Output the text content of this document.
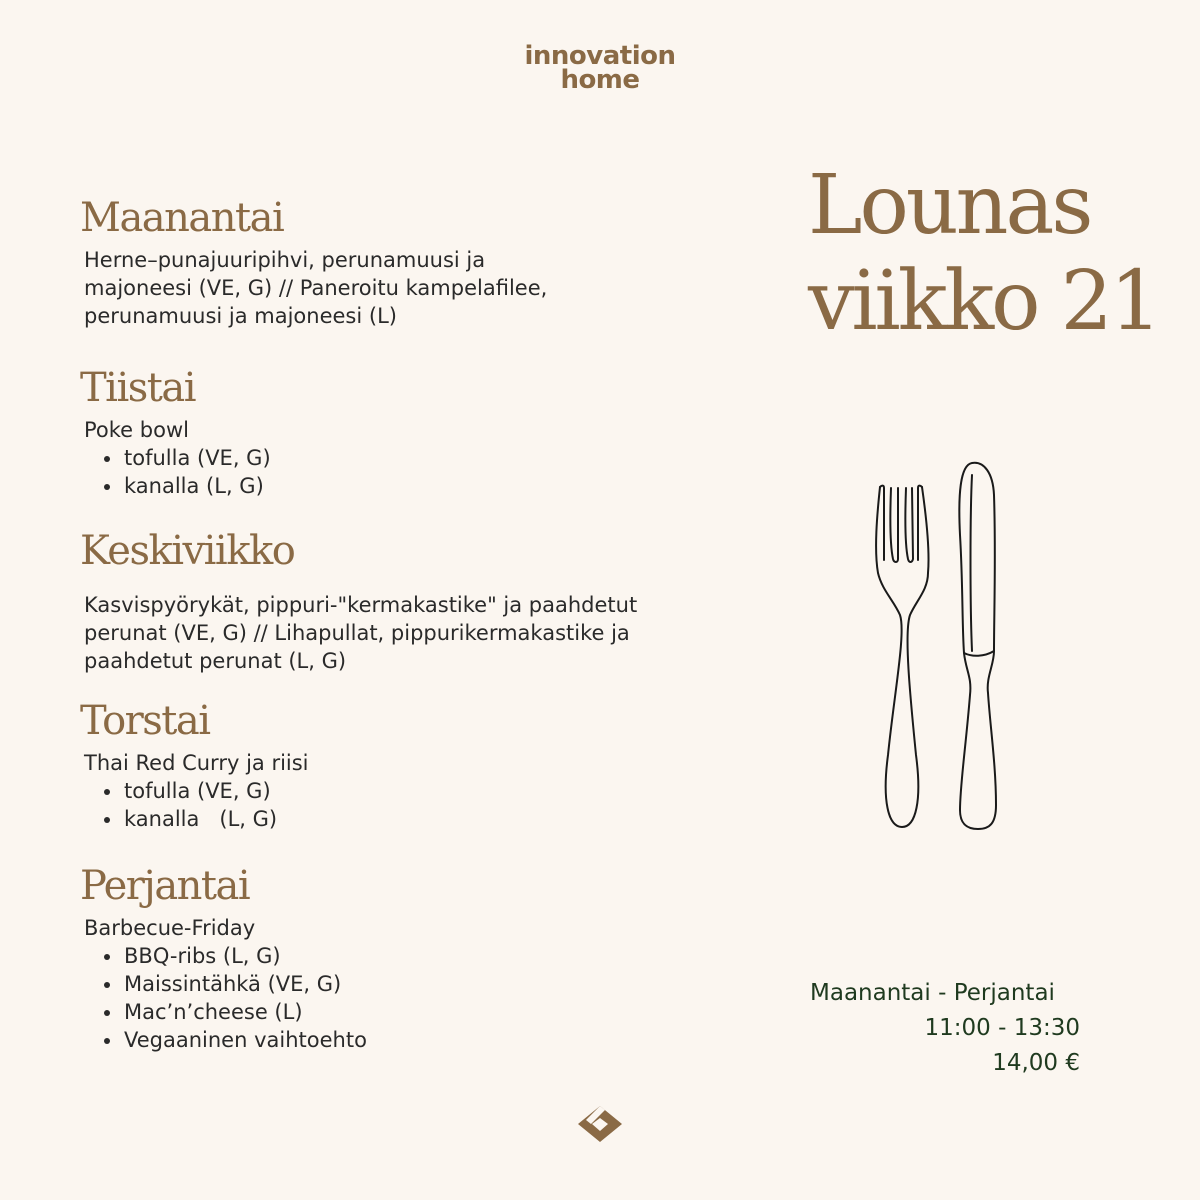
innovation
home
Maanantai
Herne–punajuuripihvi, perunamuusi ja majoneesi (VE, G) // Paneroitu kampelafilee, perunamuusi ja majoneesi (L)
Tiistai
Poke bowl
tofulla (VE, G)
kanalla (L, G)
Keskiviikko
Kasvispyörykät, pippuri-"kermakastike" ja paahdetut perunat (VE, G) // Lihapullat, pippurikermakastike ja paahdetut perunat (L, G)
Torstai
Thai Red Curry ja riisi
tofulla (VE, G)
kanalla   (L, G)
Perjantai
Barbecue-Friday
BBQ-ribs (L, G)
Maissintähkä (VE, G)
Mac’n’cheese (L)
Vegaaninen vaihtoehto
Lounas
viikko 21
Maanantai - Perjantai
11:00 - 13:30
14,00 €
